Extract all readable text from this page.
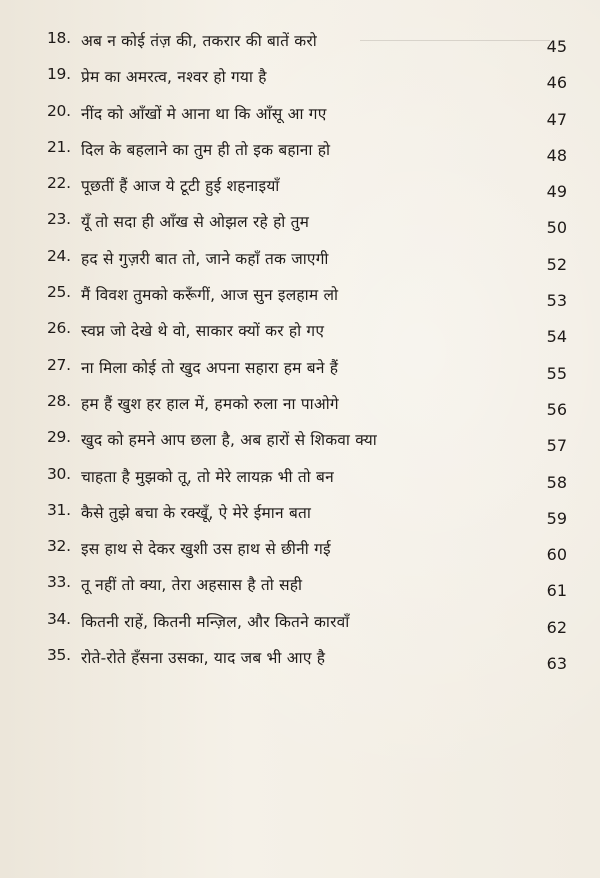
18. अब न कोई तंज़ की, तकरार की बातें करो	45
19. प्रेम का अमरत्व, नश्वर हो गया है	46
20. नींद को आँखों मे आना था कि आँसू आ गए	47
21. दिल के बहलाने का तुम ही तो इक बहाना हो	48
22. पूछतीं हैं आज ये टूटी हुई शहनाइयाँ	49
23. यूँ तो सदा ही आँख से ओझल रहे हो तुम	50
24. हद से गुज़री बात तो, जाने कहाँ तक जाएगी	52
25. मैं विवश तुमको करूँगीं, आज सुन इलहाम लो	53
26. स्वप्न जो देखे थे वो, साकार क्यों कर हो गए	54
27. ना मिला कोई तो खुद अपना सहारा हम बने हैं	55
28. हम हैं खुश हर हाल में, हमको रुला ना पाओगे	56
29. खुद को हमने आप छला है, अब हारों से शिकवा क्या	57
30. चाहता है मुझको तू, तो मेरे लायक़ भी तो बन	58
31. कैसे तुझे बचा के रक्खूँ, ऐ मेरे ईमान बता	59
32. इस हाथ से देकर खुशी उस हाथ से छीनी गई	60
33. तू नहीं तो क्या, तेरा अहसास है तो सही	61
34. कितनी राहें, कितनी मन्ज़िल, और कितने कारवाँ	62
35. रोते-रोते हँसना उसका, याद जब भी आए है	63
